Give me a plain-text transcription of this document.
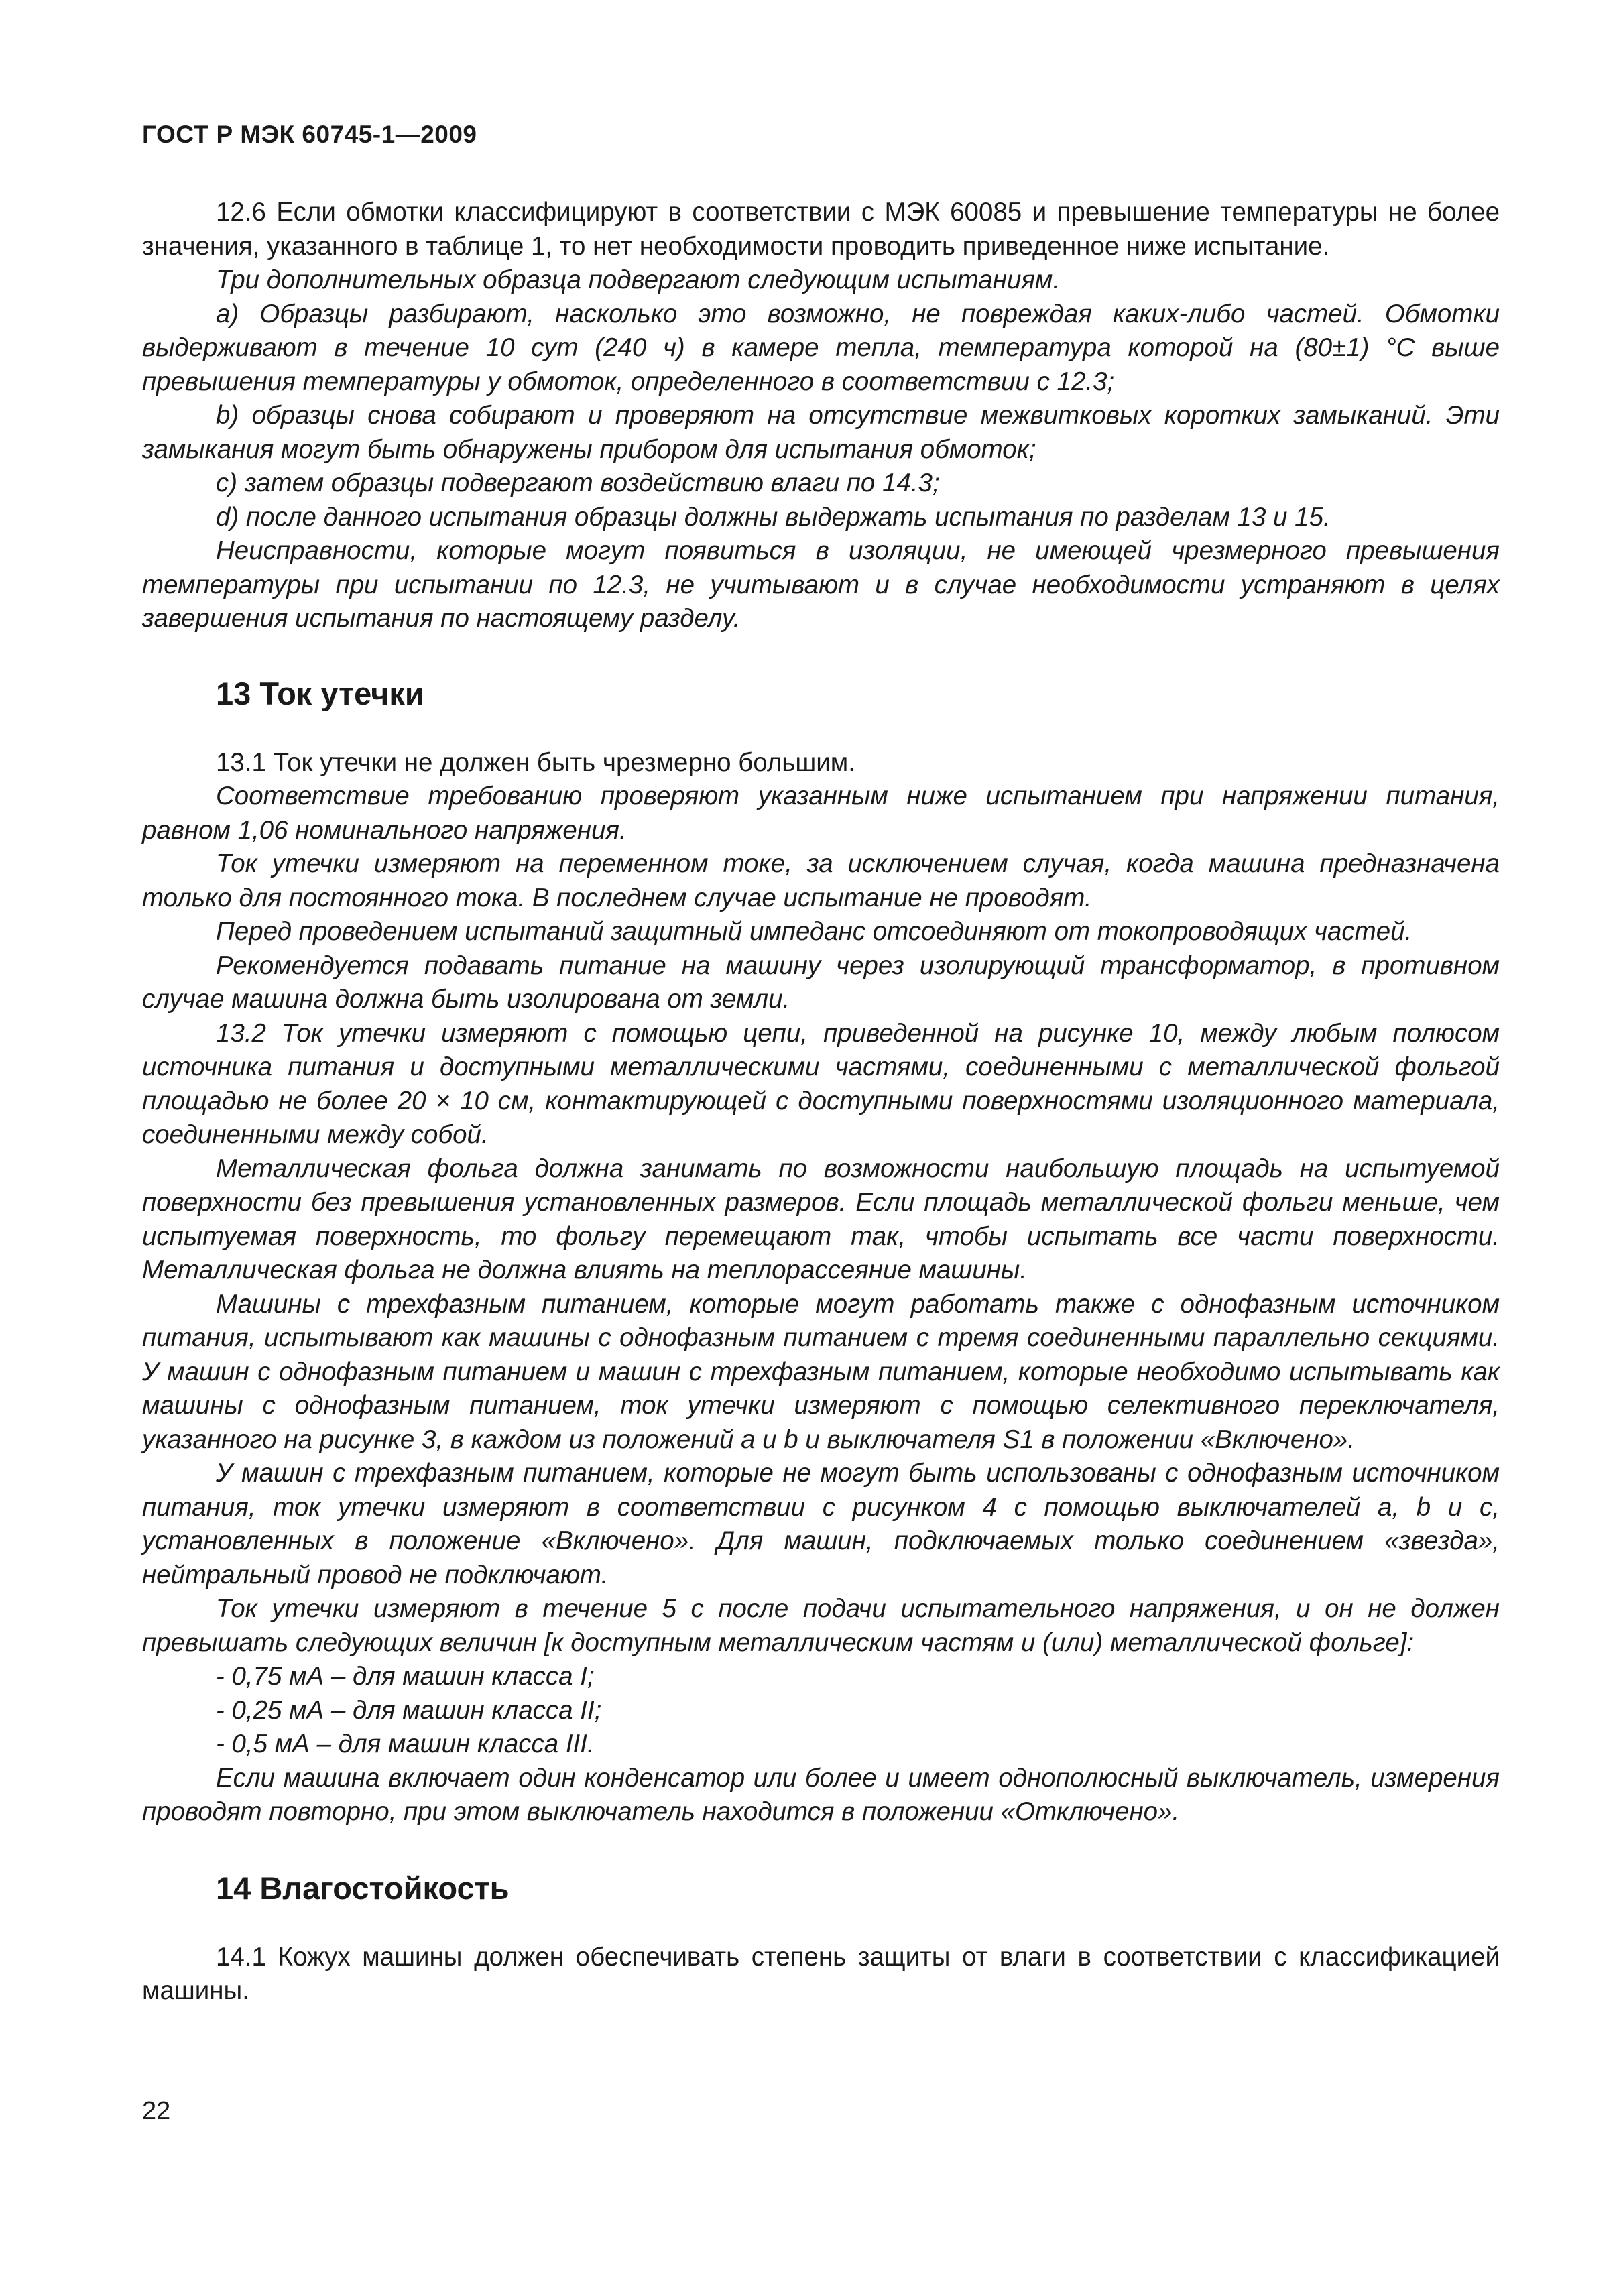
ГОСТ Р МЭК 60745-1—2009

12.6 Если обмотки классифицируют в соответствии с МЭК 60085 и превышение температуры не более значения, указанного в таблице 1, то нет необходимости проводить приведенное ниже испытание.

Три дополнительных образца подвергают следующим испытаниям.

a) Образцы разбирают, насколько это возможно, не повреждая каких-либо частей. Обмотки выдерживают в течение 10 сут (240 ч) в камере тепла, температура которой на (80±1) °С выше превышения температуры у обмоток, определенного в соответствии с 12.3;

b) образцы снова собирают и проверяют на отсутствие межвитковых коротких замыканий. Эти замыкания могут быть обнаружены прибором для испытания обмоток;

c) затем образцы подвергают воздействию влаги по 14.3;

d) после данного испытания образцы должны выдержать испытания по разделам 13 и 15.

Неисправности, которые могут появиться в изоляции, не имеющей чрезмерного превышения температуры при испытании по 12.3, не учитывают и в случае необходимости устраняют в целях завершения испытания по настоящему разделу.

13 Ток утечки

13.1 Ток утечки не должен быть чрезмерно большим.

Соответствие требованию проверяют указанным ниже испытанием при напряжении питания, равном 1,06 номинального напряжения.

Ток утечки измеряют на переменном токе, за исключением случая, когда машина предназначена только для постоянного тока. В последнем случае испытание не проводят.

Перед проведением испытаний защитный импеданс отсоединяют от токопроводящих частей.

Рекомендуется подавать питание на машину через изолирующий трансформатор, в противном случае машина должна быть изолирована от земли.

13.2 Ток утечки измеряют с помощью цепи, приведенной на рисунке 10, между любым полюсом источника питания и доступными металлическими частями, соединенными с металлической фольгой площадью не более 20 × 10 см, контактирующей с доступными поверхностями изоляционного материала, соединенными между собой.

Металлическая фольга должна занимать по возможности наибольшую площадь на испытуемой поверхности без превышения установленных размеров. Если площадь металлической фольги меньше, чем испытуемая поверхность, то фольгу перемещают так, чтобы испытать все части поверхности. Металлическая фольга не должна влиять на теплорассеяние машины.

Машины с трехфазным питанием, которые могут работать также с однофазным источником питания, испытывают как машины с однофазным питанием с тремя соединенными параллельно секциями. У машин с однофазным питанием и машин с трехфазным питанием, которые необходимо испытывать как машины с однофазным питанием, ток утечки измеряют с помощью селективного переключателя, указанного на рисунке 3, в каждом из положений a и b и выключателя S1 в положении «Включено».

У машин с трехфазным питанием, которые не могут быть использованы с однофазным источником питания, ток утечки измеряют в соответствии с рисунком 4 с помощью выключателей a, b и c, установленных в положение «Включено». Для машин, подключаемых только соединением «звезда», нейтральный провод не подключают.

Ток утечки измеряют в течение 5 с после подачи испытательного напряжения, и он не должен превышать следующих величин [к доступным металлическим частям и (или) металлической фольге]:

- 0,75 мА – для машин класса I;

- 0,25 мА – для машин класса II;

- 0,5 мА – для машин класса III.

Если машина включает один конденсатор или более и имеет однополюсный выключатель, измерения проводят повторно, при этом выключатель находится в положении «Отключено».

14 Влагостойкость

14.1 Кожух машины должен обеспечивать степень защиты от влаги в соответствии с классификацией машины.

22
